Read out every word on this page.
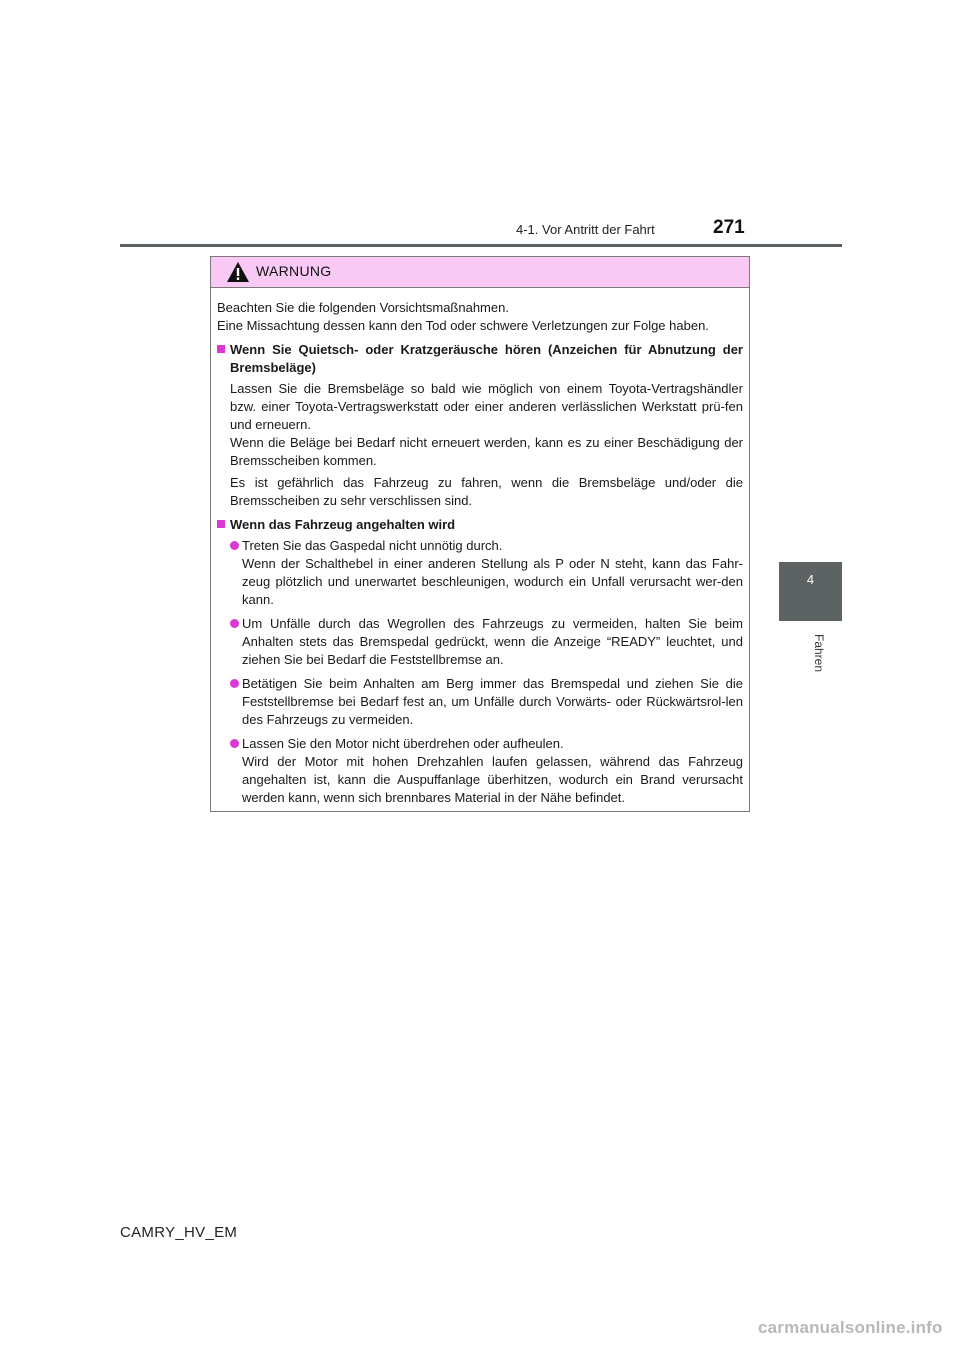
4-1. Vor Antritt der Fahrt	271
4
Fahren
WARNUNG

Beachten Sie die folgenden Vorsichtsmaßnahmen.

Eine Missachtung dessen kann den Tod oder schwere Verletzungen zur Folge haben.

Wenn Sie Quietsch- oder Kratzgeräusche hören (Anzeichen für Abnutzung der Bremsbeläge)

Lassen Sie die Bremsbeläge so bald wie möglich von einem Toyota-Vertragshändler bzw. einer Toyota-Vertragswerkstatt oder einer anderen verlässlichen Werkstatt prü-fen und erneuern.

Wenn die Beläge bei Bedarf nicht erneuert werden, kann es zu einer Beschädigung der Bremsscheiben kommen.

Es ist gefährlich das Fahrzeug zu fahren, wenn die Bremsbeläge und/oder die Bremsscheiben zu sehr verschlissen sind.

Wenn das Fahrzeug angehalten wird

Treten Sie das Gaspedal nicht unnötig durch.

Wenn der Schalthebel in einer anderen Stellung als P oder N steht, kann das Fahr-zeug plötzlich und unerwartet beschleunigen, wodurch ein Unfall verursacht wer-den kann.

Um Unfälle durch das Wegrollen des Fahrzeugs zu vermeiden, halten Sie beim Anhalten stets das Bremspedal gedrückt, wenn die Anzeige “READY” leuchtet, und ziehen Sie bei Bedarf die Feststellbremse an.

Betätigen Sie beim Anhalten am Berg immer das Bremspedal und ziehen Sie die Feststellbremse bei Bedarf fest an, um Unfälle durch Vorwärts- oder Rückwärtsrol-len des Fahrzeugs zu vermeiden.

Lassen Sie den Motor nicht überdrehen oder aufheulen.

Wird der Motor mit hohen Drehzahlen laufen gelassen, während das Fahrzeug angehalten ist, kann die Auspuffanlage überhitzen, wodurch ein Brand verursacht werden kann, wenn sich brennbares Material in der Nähe befindet.

CAMRY_HV_EM
carmanualsonline.info
